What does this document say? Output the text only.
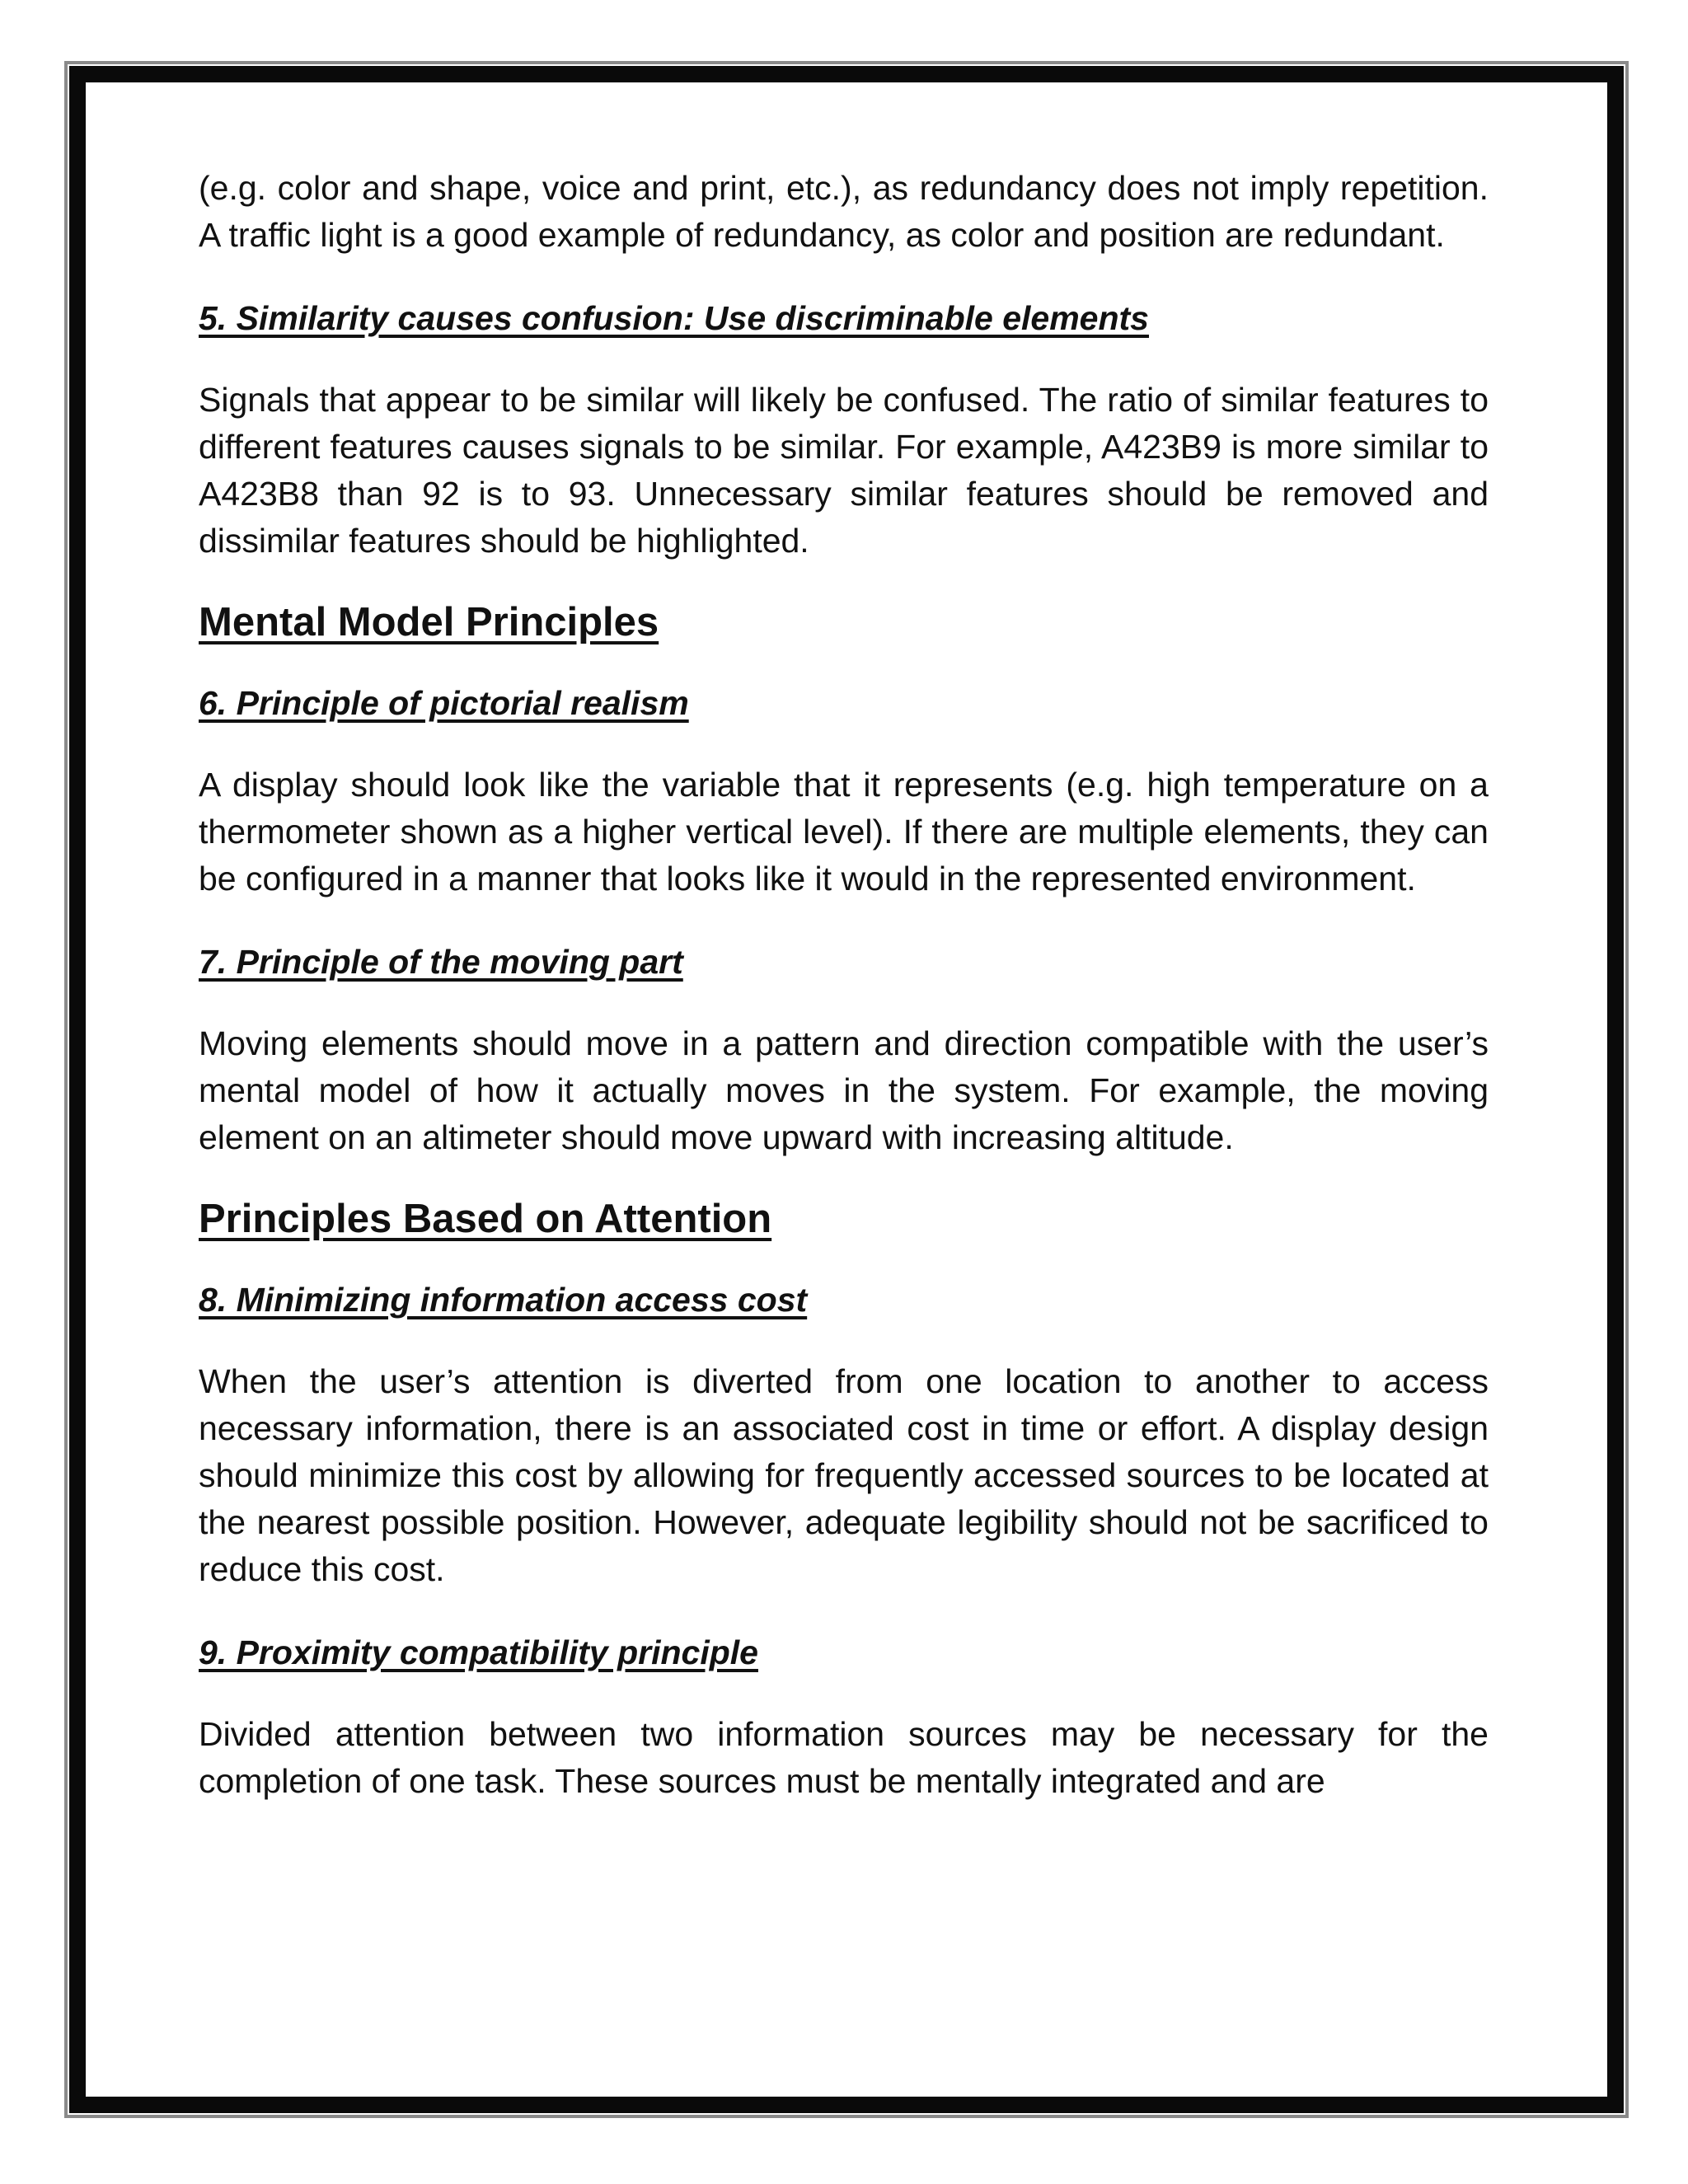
(e.g. color and shape, voice and print, etc.), as redundancy does not imply repetition. A traffic light is a good example of redundancy, as color and position are redundant.

5. Similarity causes confusion: Use discriminable elements

Signals that appear to be similar will likely be confused. The ratio of similar features to different features causes signals to be similar. For example, A423B9 is more similar to A423B8 than 92 is to 93. Unnecessary similar features should be removed and dissimilar features should be highlighted.

Mental Model Principles

6. Principle of pictorial realism

A display should look like the variable that it represents (e.g. high temperature on a thermometer shown as a higher vertical level). If there are multiple elements, they can be configured in a manner that looks like it would in the represented environment.

7. Principle of the moving part

Moving elements should move in a pattern and direction compatible with the user’s mental model of how it actually moves in the system. For example, the moving element on an altimeter should move upward with increasing altitude.

Principles Based on Attention

8. Minimizing information access cost

When the user’s attention is diverted from one location to another to access necessary information, there is an associated cost in time or effort. A display design should minimize this cost by allowing for frequently accessed sources to be located at the nearest possible position. However, adequate legibility should not be sacrificed to reduce this cost.

9. Proximity compatibility principle

Divided attention between two information sources may be necessary for the completion of one task. These sources must be mentally integrated and are
